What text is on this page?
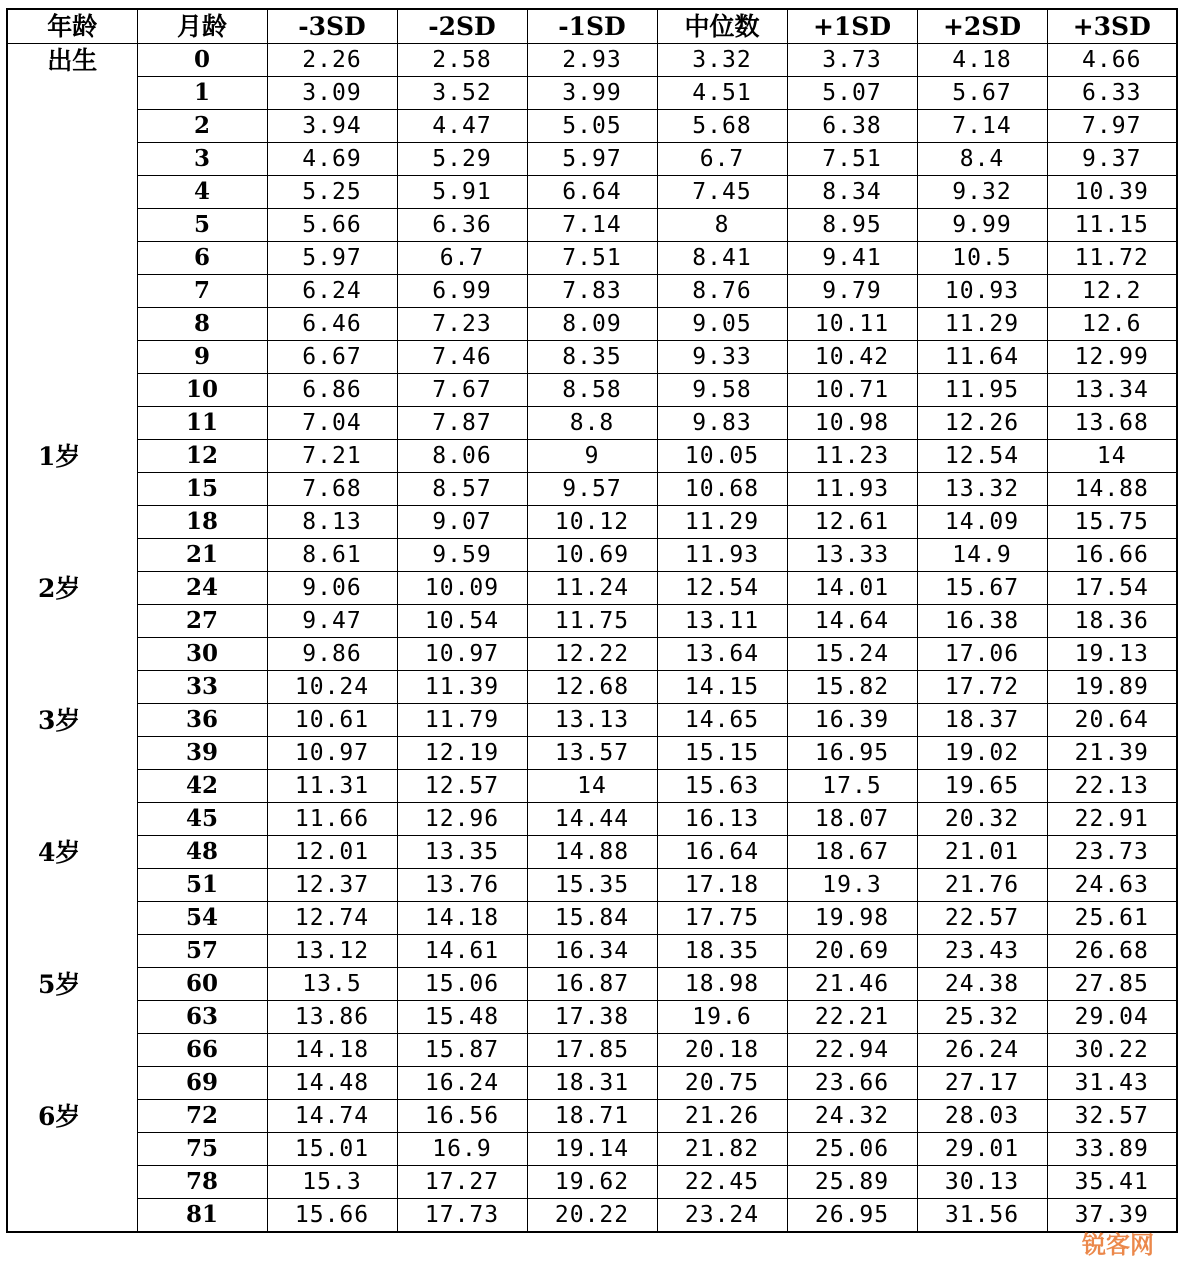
年龄	月龄	-3SD	-2SD	-1SD	中位数	+1SD	+2SD	+3SD
出生	0	2.26	2.58	2.93	3.32	3.73	4.18	4.66
	1	3.09	3.52	3.99	4.51	5.07	5.67	6.33
	2	3.94	4.47	5.05	5.68	6.38	7.14	7.97
	3	4.69	5.29	5.97	6.7	7.51	8.4	9.37
	4	5.25	5.91	6.64	7.45	8.34	9.32	10.39
	5	5.66	6.36	7.14	8	8.95	9.99	11.15
	6	5.97	6.7	7.51	8.41	9.41	10.5	11.72
	7	6.24	6.99	7.83	8.76	9.79	10.93	12.2
	8	6.46	7.23	8.09	9.05	10.11	11.29	12.6
	9	6.67	7.46	8.35	9.33	10.42	11.64	12.99
	10	6.86	7.67	8.58	9.58	10.71	11.95	13.34
	11	7.04	7.87	8.8	9.83	10.98	12.26	13.68
1岁	12	7.21	8.06	9	10.05	11.23	12.54	14
	15	7.68	8.57	9.57	10.68	11.93	13.32	14.88
	18	8.13	9.07	10.12	11.29	12.61	14.09	15.75
	21	8.61	9.59	10.69	11.93	13.33	14.9	16.66
2岁	24	9.06	10.09	11.24	12.54	14.01	15.67	17.54
	27	9.47	10.54	11.75	13.11	14.64	16.38	18.36
	30	9.86	10.97	12.22	13.64	15.24	17.06	19.13
	33	10.24	11.39	12.68	14.15	15.82	17.72	19.89
3岁	36	10.61	11.79	13.13	14.65	16.39	18.37	20.64
	39	10.97	12.19	13.57	15.15	16.95	19.02	21.39
	42	11.31	12.57	14	15.63	17.5	19.65	22.13
	45	11.66	12.96	14.44	16.13	18.07	20.32	22.91
4岁	48	12.01	13.35	14.88	16.64	18.67	21.01	23.73
	51	12.37	13.76	15.35	17.18	19.3	21.76	24.63
	54	12.74	14.18	15.84	17.75	19.98	22.57	25.61
	57	13.12	14.61	16.34	18.35	20.69	23.43	26.68
5岁	60	13.5	15.06	16.87	18.98	21.46	24.38	27.85
	63	13.86	15.48	17.38	19.6	22.21	25.32	29.04
	66	14.18	15.87	17.85	20.18	22.94	26.24	30.22
	69	14.48	16.24	18.31	20.75	23.66	27.17	31.43
6岁	72	14.74	16.56	18.71	21.26	24.32	28.03	32.57
	75	15.01	16.9	19.14	21.82	25.06	29.01	33.89
	78	15.3	17.27	19.62	22.45	25.89	30.13	35.41
	81	15.66	17.73	20.22	23.24	26.95	31.56	37.39
锐客网
